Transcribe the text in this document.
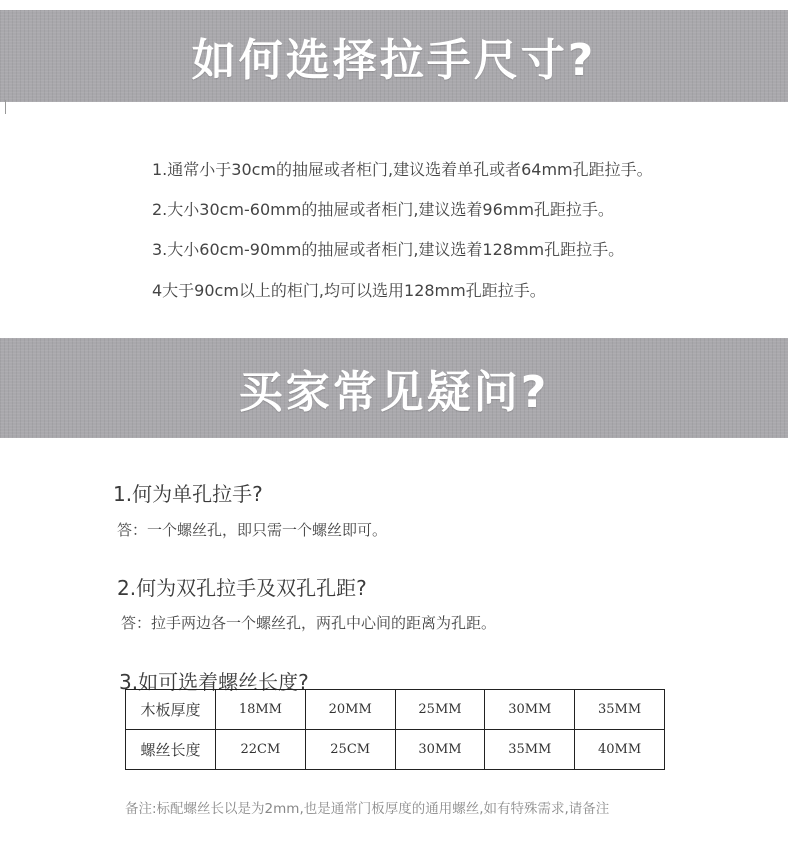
如何选择拉手尺寸?
1.通常小于30cm的抽屉或者柜门,建议选着单孔或者64mm孔距拉手。
2.大小30cm-60mm的抽屉或者柜门,建议选着96mm孔距拉手。
3.大小60cm-90mm的抽屉或者柜门,建议选着128mm孔距拉手。
4大于90cm以上的柜门,均可以选用128mm孔距拉手。
买家常见疑问?
1.何为单孔拉手?
答：一个螺丝孔，即只需一个螺丝即可。
2.何为双孔拉手及双孔孔距?
答：拉手两边各一个螺丝孔，两孔中心间的距离为孔距。
3.如可选着螺丝长度?
木板厚度	18MM	20MM	25MM	30MM	35MM
螺丝长度	22CM	25CM	30MM	35MM	40MM
备注:标配螺丝长以是为2mm,也是通常门板厚度的通用螺丝,如有特殊需求,请备注
